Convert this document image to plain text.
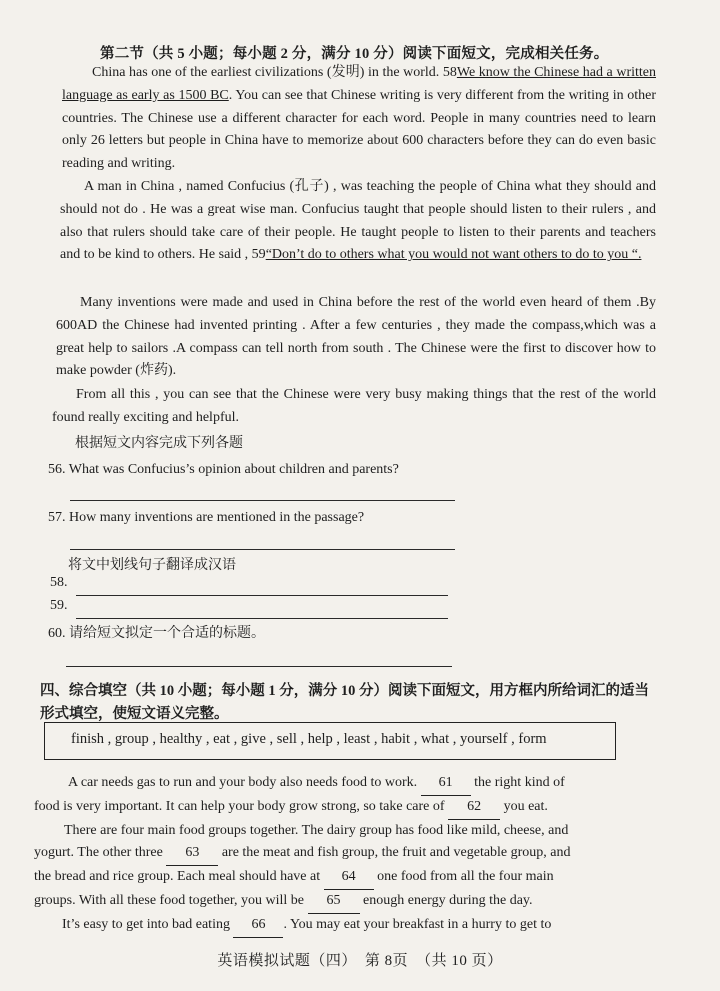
第二节（共 5 小题；每小题 2 分，满分 10 分）阅读下面短文，完成相关任务。
China has one of the earliest civilizations (发明) in the world. 58We know the Chinese had a written language as early as 1500 BC. You can see that Chinese writing is very different from the writing in other countries. The Chinese use a different character for each word. People in many countries need to learn only 26 letters but people in China have to memorize about 600 characters before they can do even basic reading and writing.
A man in China , named Confucius (孔子) , was teaching the people of China what they should and should not do . He was a great wise man. Confucius taught that people should listen to their rulers , and also that rulers should take care of their people. He taught people to listen to their parents and teachers and to be kind to others. He said , 59“Don’t do to others what you would not want others to do to you “.
Many inventions were made and used in China before the rest of the world even heard of them .By 600AD the Chinese had invented printing . After a few centuries , they made the compass,which was a great help to sailors .A compass can tell north from south . The Chinese were the first to discover how to make powder (炸药).
From all this , you can see that the Chinese were very busy making things that the rest of the world found really exciting and helpful.
根据短文内容完成下列各题
56. What was Confucius’s opinion about children and parents?
57. How many inventions are mentioned in the passage?
将文中划线句子翻译成汉语
58.
59.
60. 请给短文拟定一个合适的标题。
四、综合填空（共 10 小题；每小题 1 分，满分 10 分）阅读下面短文，用方框内所给词汇的适当形式填空，使短文语义完整。
finish , group , healthy , eat , give , sell , help , least , habit , what , yourself , form
A car needs gas to run and your body also needs food to work. 61 the right kind of
food is very important. It can help your body grow strong, so take care of 62 you eat.
There are four main food groups together. The dairy group has food like mild, cheese, and
yogurt. The other three 63 are the meat and fish group, the fruit and vegetable group, and
the bread and rice group. Each meal should have at 64 one food from all the four main
groups. With all these food together, you will be 65 enough energy during the day.
It’s easy to get into bad eating 66 . You may eat your breakfast in a hurry to get to
英语模拟试题（四）　第 8页　（共 10 页）
